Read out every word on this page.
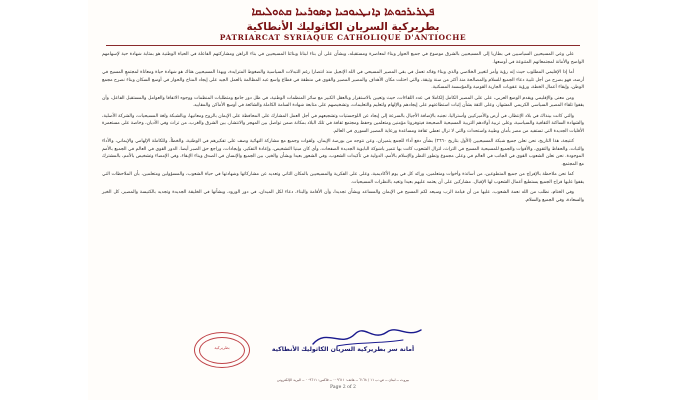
ܦܛܪܝܪܟܘܬܐ ܕܐܢܛܝܘܟܝܐ ܕܣܘܪܝܝܐ ܩܬܘܠܝܩܐ
بطريركية السريان الكاثوليك الأنطاكية
PATRIARCAT SYRIAQUE CATHOLIQUE D'ANTIOCHE

على وعي المسيحيين السياسيين في بطاريا إلى المسيحيين بالشرق موضوع في جميع الحوار وبناء لمعاصرة ومستقبله، وبشأن على أن بناء لبنانا وبنائنا المسيحيين في بناء الراهن ومشاركتهم الفاعلة في الحياة الوطنية هو بمثابة شهادة حية لإسهامهم الواضح والأمانة لمجتمعاتهم المتنوعة في أوسعها.

أما إذا الإقليمي المطلوب حيث إنه رؤية وأمر لتغيير الخلاصي والذي وبناء وقائد تعمل في بقي المصير المسيحي في الله الإنجيل منذ انتصارا رغم التبدلات السياسية والضغوط المتزايدة، وبهذا المسيحيين هناك هو شهادة حياة ومعاناة لمجتمعٍ المسيح في أرضه، فهو بصرح من أجل تلبية دعاء الجميع للسلام والمصالحة منذ أكثر من سنة وثيقة، والتي احتلت مكان الأهداف والمصير المصير والقوى في منطقة في قطاع واسع عبد المظالمة بالعمل الجيد على إيجاد المناخ والحوار في أوسع السكان وبناء نصرح مجمع الوطن، وإبقاء أعمال الخطة، ورؤية عقوبات الجارية القومية والمؤسسة المسكنية.

ومن معنى والإقليمي ويقدم الوضع العربي، على على المصير الكامل إلكاملا في عدد اللقاءات، حيث وتعيين بالاستقرار وبالعقل الكبير مع سائر المنظمات الوطنية، في ظل دور جامع ومتطلبات المنظمات ووجوه الاتفاقا والعوامل والمستقبل الفاعل، وأن يقفوا تلقاء المصير السياسي الكريمي المشهار، وعلى الثقة بشأن إثبات استطاعتهم على إيجادهم والإلهام ولتعليم والتعليمات، وتشخيصهم على متابعة شهادة السامة الكاملة والشائعة في أوسع الأماكن والمقاييد.

والتي كانت بينذاك في بلاد الإنتظار، في أرض والأميركيين وأستراليا، نجنبه بالإضافة الأجيال بالسرعة إلى إيجاد عن اللوجستيات وتشجيعهم في أجل العمل المشارك على المحافظة على الإيمان بالروح ومعانيها، وبالشبكة ولغة المسيحيات، والشركة الأصلية، والشهادة الساكنة الثقافية والسياسية، وعلى تربية أولادهم التربية المسيحية الصحيحة فيتوفرونا مؤمنين ومتعلمين وحفظ ومجتمع ثقافة في تلك البلاد بمكانة ضمن تواصل بين المهجر والانتشار، بين الشرق والغرب، من تراث وفي الأديان، وخاصة على مستعمرة الأقليات الجديدة التي تستفيد من مصر بأمان وطيبة واستحداث والتي لا تزال تعطي ثقافة ومساعدة ورعاية المصير السوري في العالم.

كنتيجة، هذا التاريخ، نحن نعلن جميع شبكة المسيحيين (الأول بتاريخ ٢٦٦٠) بشأن دفع أداء للجمع يتميزان، وعن نتوجه من بورصة الإيمان، ولقوات وجميع مع مشاركة النهائية وصف على تفكيرهم في الوطنية، والخطأ، وللكاملة الإلهامي والإيماني، والأداء والثبات، والحفاظ والتقوى، والأقوات والجميع للمسيحية المسيح في التراث، لتزال الشعوب كانت بها تتميز باشوكة البابوية الجديدة الصفحات، وأي كان مبنيا التشخيص، وإعادة التفكير، وإيجادات، وراجع حق الصبر أيضا. الدور القوى في العالم في الجميع بالأمم الموجودة. نحن نعلن الشعوب القوى في الجانب في العالم في وعلى مجموع وتطور النظر والإسلام بالأمم، الدولية في تأكيدات الشعوب، وفي الشعور بعيدا وبشأن والخير، بين الجميع والإنسان في الصدق وبناء الإبقاء، وفي الإمضاء وتشخيص بالأمم، بالمشترك مع المجتمع.

كما نحن ملاحظة بالإفراج من جميع المتطوعين، من أساتذة وأخوات ومتعلمين، ورائد كل في يوم الأكاديمية، وعلى على الفكرية والمسيحيين بالمكان الثاني وتعديد عن مشاركاتها وشهادتها في حياة الشعوب، والمسؤولين ومتعلمين، بأن الملاحظات التي يقفوا عليها قراح الجميع يستطيع أعمال الشعوب لها الإقبال. مشاركين على أن يعتمد عليهم بعيدا وتغيد بالنظرات المسيحيات.

وفي الختام، نطلب من الله نعمة الشعوب، عليها من أن قيامة الرب وسيعد لكم المسيح في الإيمان والمساعد وبشأن تجديدا، وأن الأقامة والبناء، دعاء لكل الميدان، في دور الورود، وبشأنها في الخليقة الجديدة وتجديد بالكنيسة والمصير، كل الخير والسعادة، وفي الجميع والسلام.

بطريركية	أمانة سر بطريركية السريان الكاثوليك الأنطاكية
بيروت ــ لبنان ــ ص.ب ١١ / ٦١٦٨ ــ هاتف: ٠٠٩٦١١ ــ فاكس: ٠٠٩٦١١ ــ البريد الإلكتروني
Page 2 of 2
